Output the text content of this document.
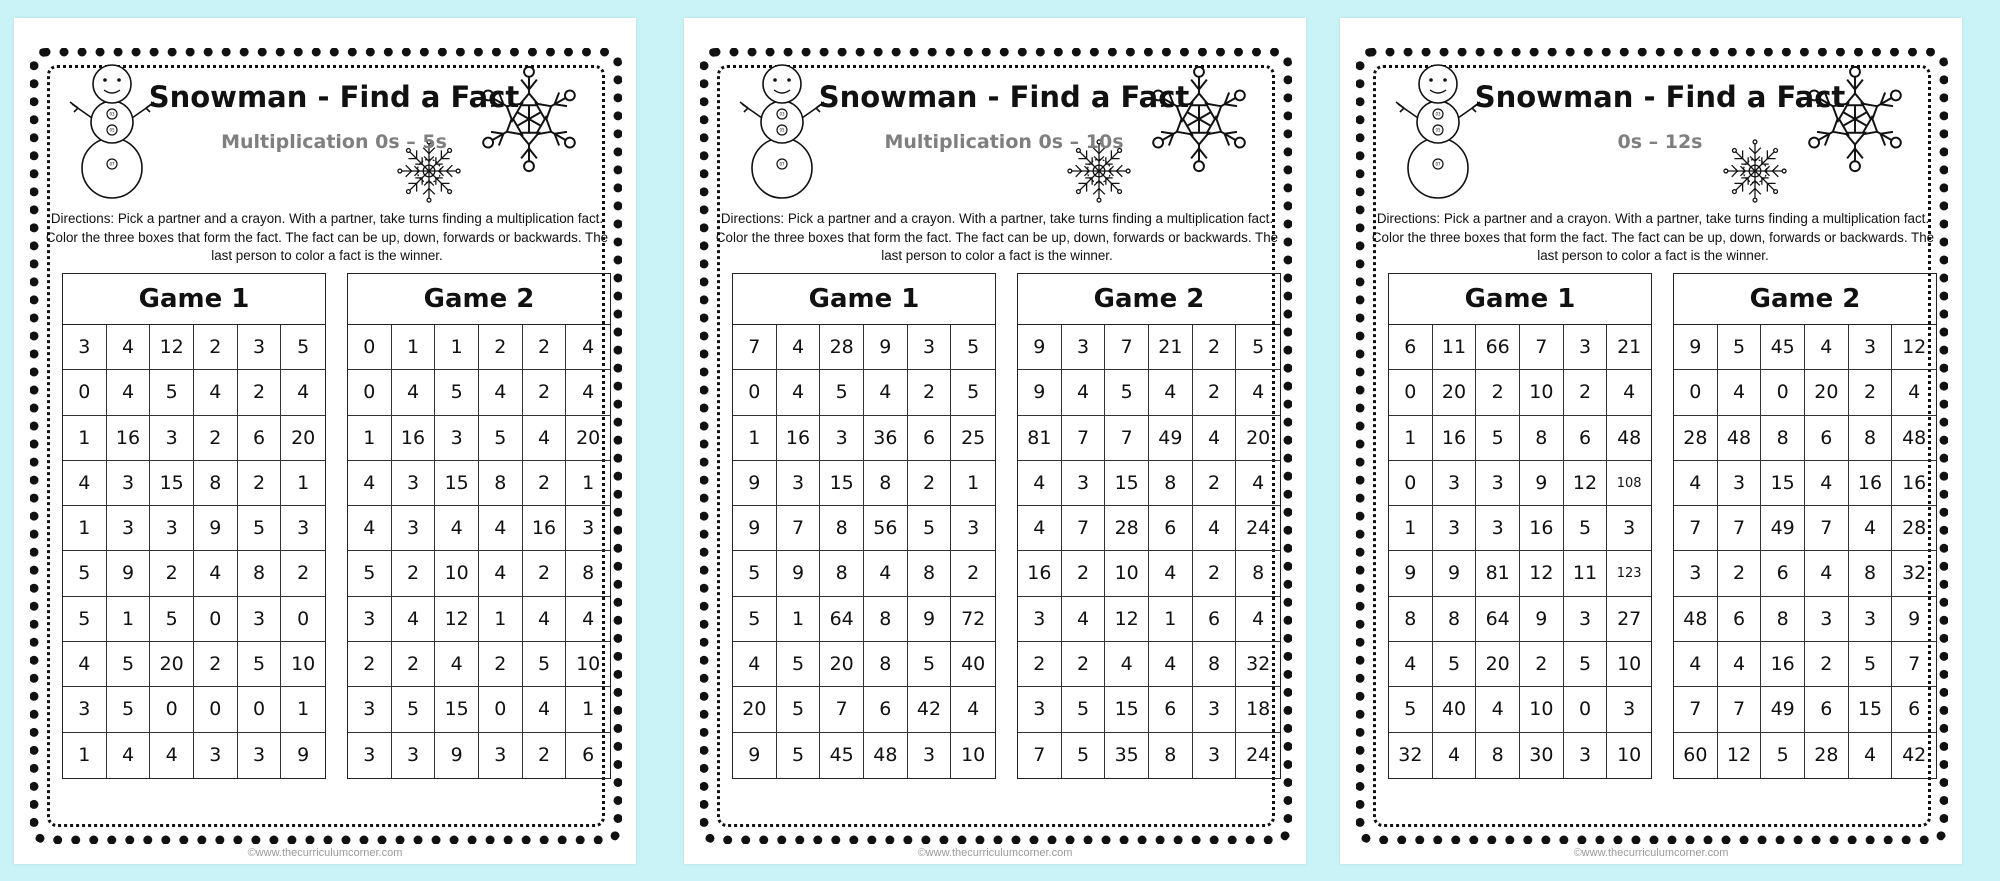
03
05
07
Snowman - Find a Fact
Multiplication 0s – 5s
Directions: Pick a partner and a crayon. With a partner, take turns finding a multiplication fact. Color the three boxes that form the fact. The fact can be up, down, forwards or backwards. The last person to color a fact is the winner.
Game 1
3	4	12	2	3	5
0	4	5	4	2	4
1	16	3	2	6	20
4	3	15	8	2	1
1	3	3	9	5	3
5	9	2	4	8	2
5	1	5	0	3	0
4	5	20	2	5	10
3	5	0	0	0	1
1	4	4	3	3	9
Game 2
0	1	1	2	2	4
0	4	5	4	2	4
1	16	3	5	4	20
4	3	15	8	2	1
4	3	4	4	16	3
5	2	10	4	2	8
3	4	12	1	4	4
2	2	4	2	5	10
3	5	15	0	4	1
3	3	9	3	2	6
©www.thecurriculumcorner.com
03
05
07
Snowman - Find a Fact
Multiplication 0s – 10s
Directions: Pick a partner and a crayon. With a partner, take turns finding a multiplication fact. Color the three boxes that form the fact. The fact can be up, down, forwards or backwards. The last person to color a fact is the winner.
Game 1
7	4	28	9	3	5
0	4	5	4	2	5
1	16	3	36	6	25
9	3	15	8	2	1
9	7	8	56	5	3
5	9	8	4	8	2
5	1	64	8	9	72
4	5	20	8	5	40
20	5	7	6	42	4
9	5	45	48	3	10
Game 2
9	3	7	21	2	5
9	4	5	4	2	4
81	7	7	49	4	20
4	3	15	8	2	4
4	7	28	6	4	24
16	2	10	4	2	8
3	4	12	1	6	4
2	2	4	4	8	32
3	5	15	6	3	18
7	5	35	8	3	24
©www.thecurriculumcorner.com
03
05
07
Snowman - Find a Fact
0s – 12s
Directions: Pick a partner and a crayon. With a partner, take turns finding a multiplication fact. Color the three boxes that form the fact. The fact can be up, down, forwards or backwards. The last person to color a fact is the winner.
Game 1
6	11	66	7	3	21
0	20	2	10	2	4
1	16	5	8	6	48
0	3	3	9	12	108
1	3	3	16	5	3
9	9	81	12	11	123
8	8	64	9	3	27
4	5	20	2	5	10
5	40	4	10	0	3
32	4	8	30	3	10
Game 2
9	5	45	4	3	12
0	4	0	20	2	4
28	48	8	6	8	48
4	3	15	4	16	16
7	7	49	7	4	28
3	2	6	4	8	32
48	6	8	3	3	9
4	4	16	2	5	7
7	7	49	6	15	6
60	12	5	28	4	42
©www.thecurriculumcorner.com
